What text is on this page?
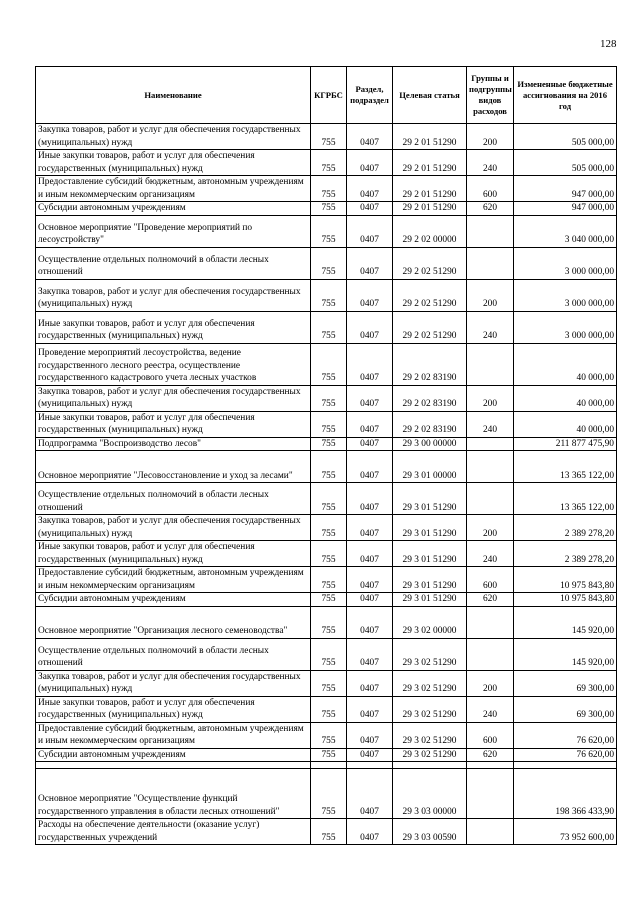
128
Наименование	КГРБС	Раздел, подраздел	Целевая статья	Группы и подгруппы видов расходов	Измененные бюджетные ассигнования на 2016 год
Закупка товаров, работ и услуг для обеспечения государственных (муниципальных) нужд	755	0407	29 2 01 51290	200	505 000,00
Иные закупки товаров, работ и услуг для обеспечения государственных (муниципальных) нужд	755	0407	29 2 01 51290	240	505 000,00
Предоставление субсидий бюджетным, автономным учреждениям и иным некоммерческим организациям	755	0407	29 2 01 51290	600	947 000,00
Субсидии автономным учреждениям	755	0407	29 2 01 51290	620	947 000,00
Основное мероприятие "Проведение мероприятий по лесоустройству"	755	0407	29 2 02 00000		3 040 000,00
Осуществление отдельных полномочий в области лесных отношений	755	0407	29 2 02 51290		3 000 000,00
Закупка товаров, работ и услуг для обеспечения государственных (муниципальных) нужд	755	0407	29 2 02 51290	200	3 000 000,00
Иные закупки товаров, работ и услуг для обеспечения государственных (муниципальных) нужд	755	0407	29 2 02 51290	240	3 000 000,00
Проведение мероприятий лесоустройства, ведение государственного лесного реестра, осуществление государственного кадастрового учета лесных участков	755	0407	29 2 02 83190		40 000,00
Закупка товаров, работ и услуг для обеспечения государственных (муниципальных) нужд	755	0407	29 2 02 83190	200	40 000,00
Иные закупки товаров, работ и услуг для обеспечения государственных (муниципальных) нужд	755	0407	29 2 02 83190	240	40 000,00
Подпрограмма "Воспроизводство лесов"	755	0407	29 3 00 00000		211 877 475,90
Основное мероприятие "Лесовосстановление и уход за лесами"	755	0407	29 3 01 00000		13 365 122,00
Осуществление отдельных полномочий в области лесных отношений	755	0407	29 3 01 51290		13 365 122,00
Закупка товаров, работ и услуг для обеспечения государственных (муниципальных) нужд	755	0407	29 3 01 51290	200	2 389 278,20
Иные закупки товаров, работ и услуг для обеспечения государственных (муниципальных) нужд	755	0407	29 3 01 51290	240	2 389 278,20
Предоставление субсидий бюджетным, автономным учреждениям и иным некоммерческим организациям	755	0407	29 3 01 51290	600	10 975 843,80
Субсидии автономным учреждениям	755	0407	29 3 01 51290	620	10 975 843,80
Основное мероприятие "Организация лесного семеноводства"	755	0407	29 3 02 00000		145 920,00
Осуществление отдельных полномочий в области лесных отношений	755	0407	29 3 02 51290		145 920,00
Закупка товаров, работ и услуг для обеспечения государственных (муниципальных) нужд	755	0407	29 3 02 51290	200	69 300,00
Иные закупки товаров, работ и услуг для обеспечения государственных (муниципальных) нужд	755	0407	29 3 02 51290	240	69 300,00
Предоставление субсидий бюджетным, автономным учреждениям и иным некоммерческим организациям	755	0407	29 3 02 51290	600	76 620,00
Субсидии автономным учреждениям	755	0407	29 3 02 51290	620	76 620,00

Основное мероприятие "Осуществление функций государственного управления в области лесных отношений"	755	0407	29 3 03 00000		198 366 433,90
Расходы на обеспечение деятельности (оказание услуг) государственных учреждений	755	0407	29 3 03 00590		73 952 600,00
